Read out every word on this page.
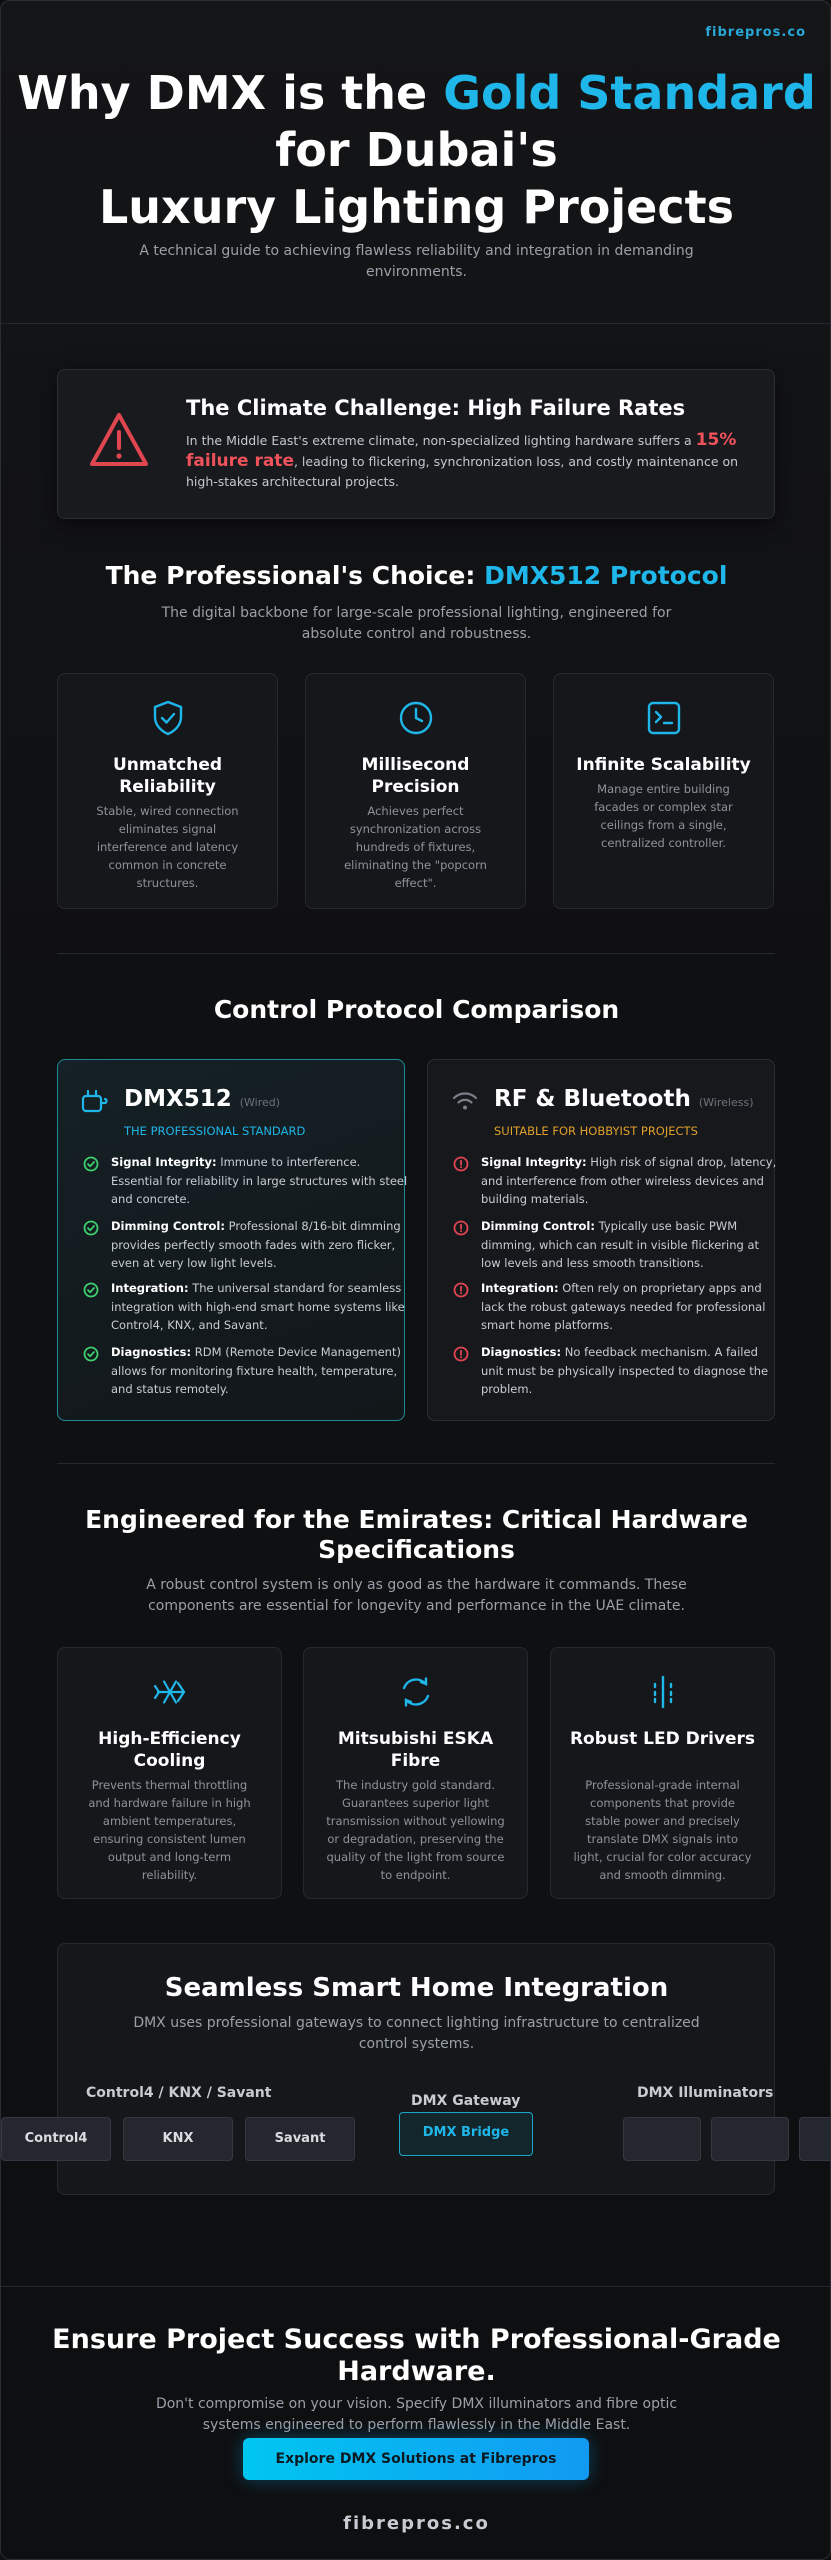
fibrepros.co
Why DMX is the Gold Standard
for Dubai's
Luxury Lighting Projects
A technical guide to achieving flawless reliability and integration in demanding environments.
The Climate Challenge: High Failure Rates
In the Middle East's extreme climate, non-specialized lighting hardware suffers a 15% failure rate, leading to flickering, synchronization loss, and costly maintenance on high-stakes architectural projects.
The Professional's Choice: DMX512 Protocol
The digital backbone for large-scale professional lighting, engineered for absolute control and robustness.
Unmatched Reliability
Stable, wired connection eliminates signal interference and latency common in concrete structures.
Millisecond Precision
Achieves perfect synchronization across hundreds of fixtures, eliminating the "popcorn effect".
Infinite Scalability
Manage entire building facades or complex star ceilings from a single, centralized controller.
Control Protocol Comparison
DMX512 (Wired)
THE PROFESSIONAL STANDARD
Signal Integrity: Immune to interference. Essential for reliability in large structures with steel and concrete.
Dimming Control: Professional 8/16-bit dimming provides perfectly smooth fades with zero flicker, even at very low light levels.
Integration: The universal standard for seamless integration with high-end smart home systems like Control4, KNX, and Savant.
Diagnostics: RDM (Remote Device Management) allows for monitoring fixture health, temperature, and status remotely.
RF & Bluetooth (Wireless)
SUITABLE FOR HOBBYIST PROJECTS
Signal Integrity: High risk of signal drop, latency, and interference from other wireless devices and building materials.
Dimming Control: Typically use basic PWM dimming, which can result in visible flickering at low levels and less smooth transitions.
Integration: Often rely on proprietary apps and lack the robust gateways needed for professional smart home platforms.
Diagnostics: No feedback mechanism. A failed unit must be physically inspected to diagnose the problem.
Engineered for the Emirates: Critical Hardware
Specifications
A robust control system is only as good as the hardware it commands. These components are essential for longevity and performance in the UAE climate.
High-Efficiency Cooling
Prevents thermal throttling and hardware failure in high ambient temperatures, ensuring consistent lumen output and long-term reliability.
Mitsubishi ESKA Fibre
The industry gold standard. Guarantees superior light transmission without yellowing or degradation, preserving the quality of the light from source to endpoint.
Robust LED Drivers
Professional-grade internal components that provide stable power and precisely translate DMX signals into light, crucial for color accuracy and smooth dimming.
Seamless Smart Home Integration
DMX uses professional gateways to connect lighting infrastructure to centralized control systems.
Control4 / KNX / Savant	DMX Gateway	DMX Illuminators
Control4	KNX	Savant	DMX Bridge
Ensure Project Success with Professional-Grade
Hardware.
Don't compromise on your vision. Specify DMX illuminators and fibre optic systems engineered to perform flawlessly in the Middle East.
Explore DMX Solutions at Fibrepros
fibrepros.co
